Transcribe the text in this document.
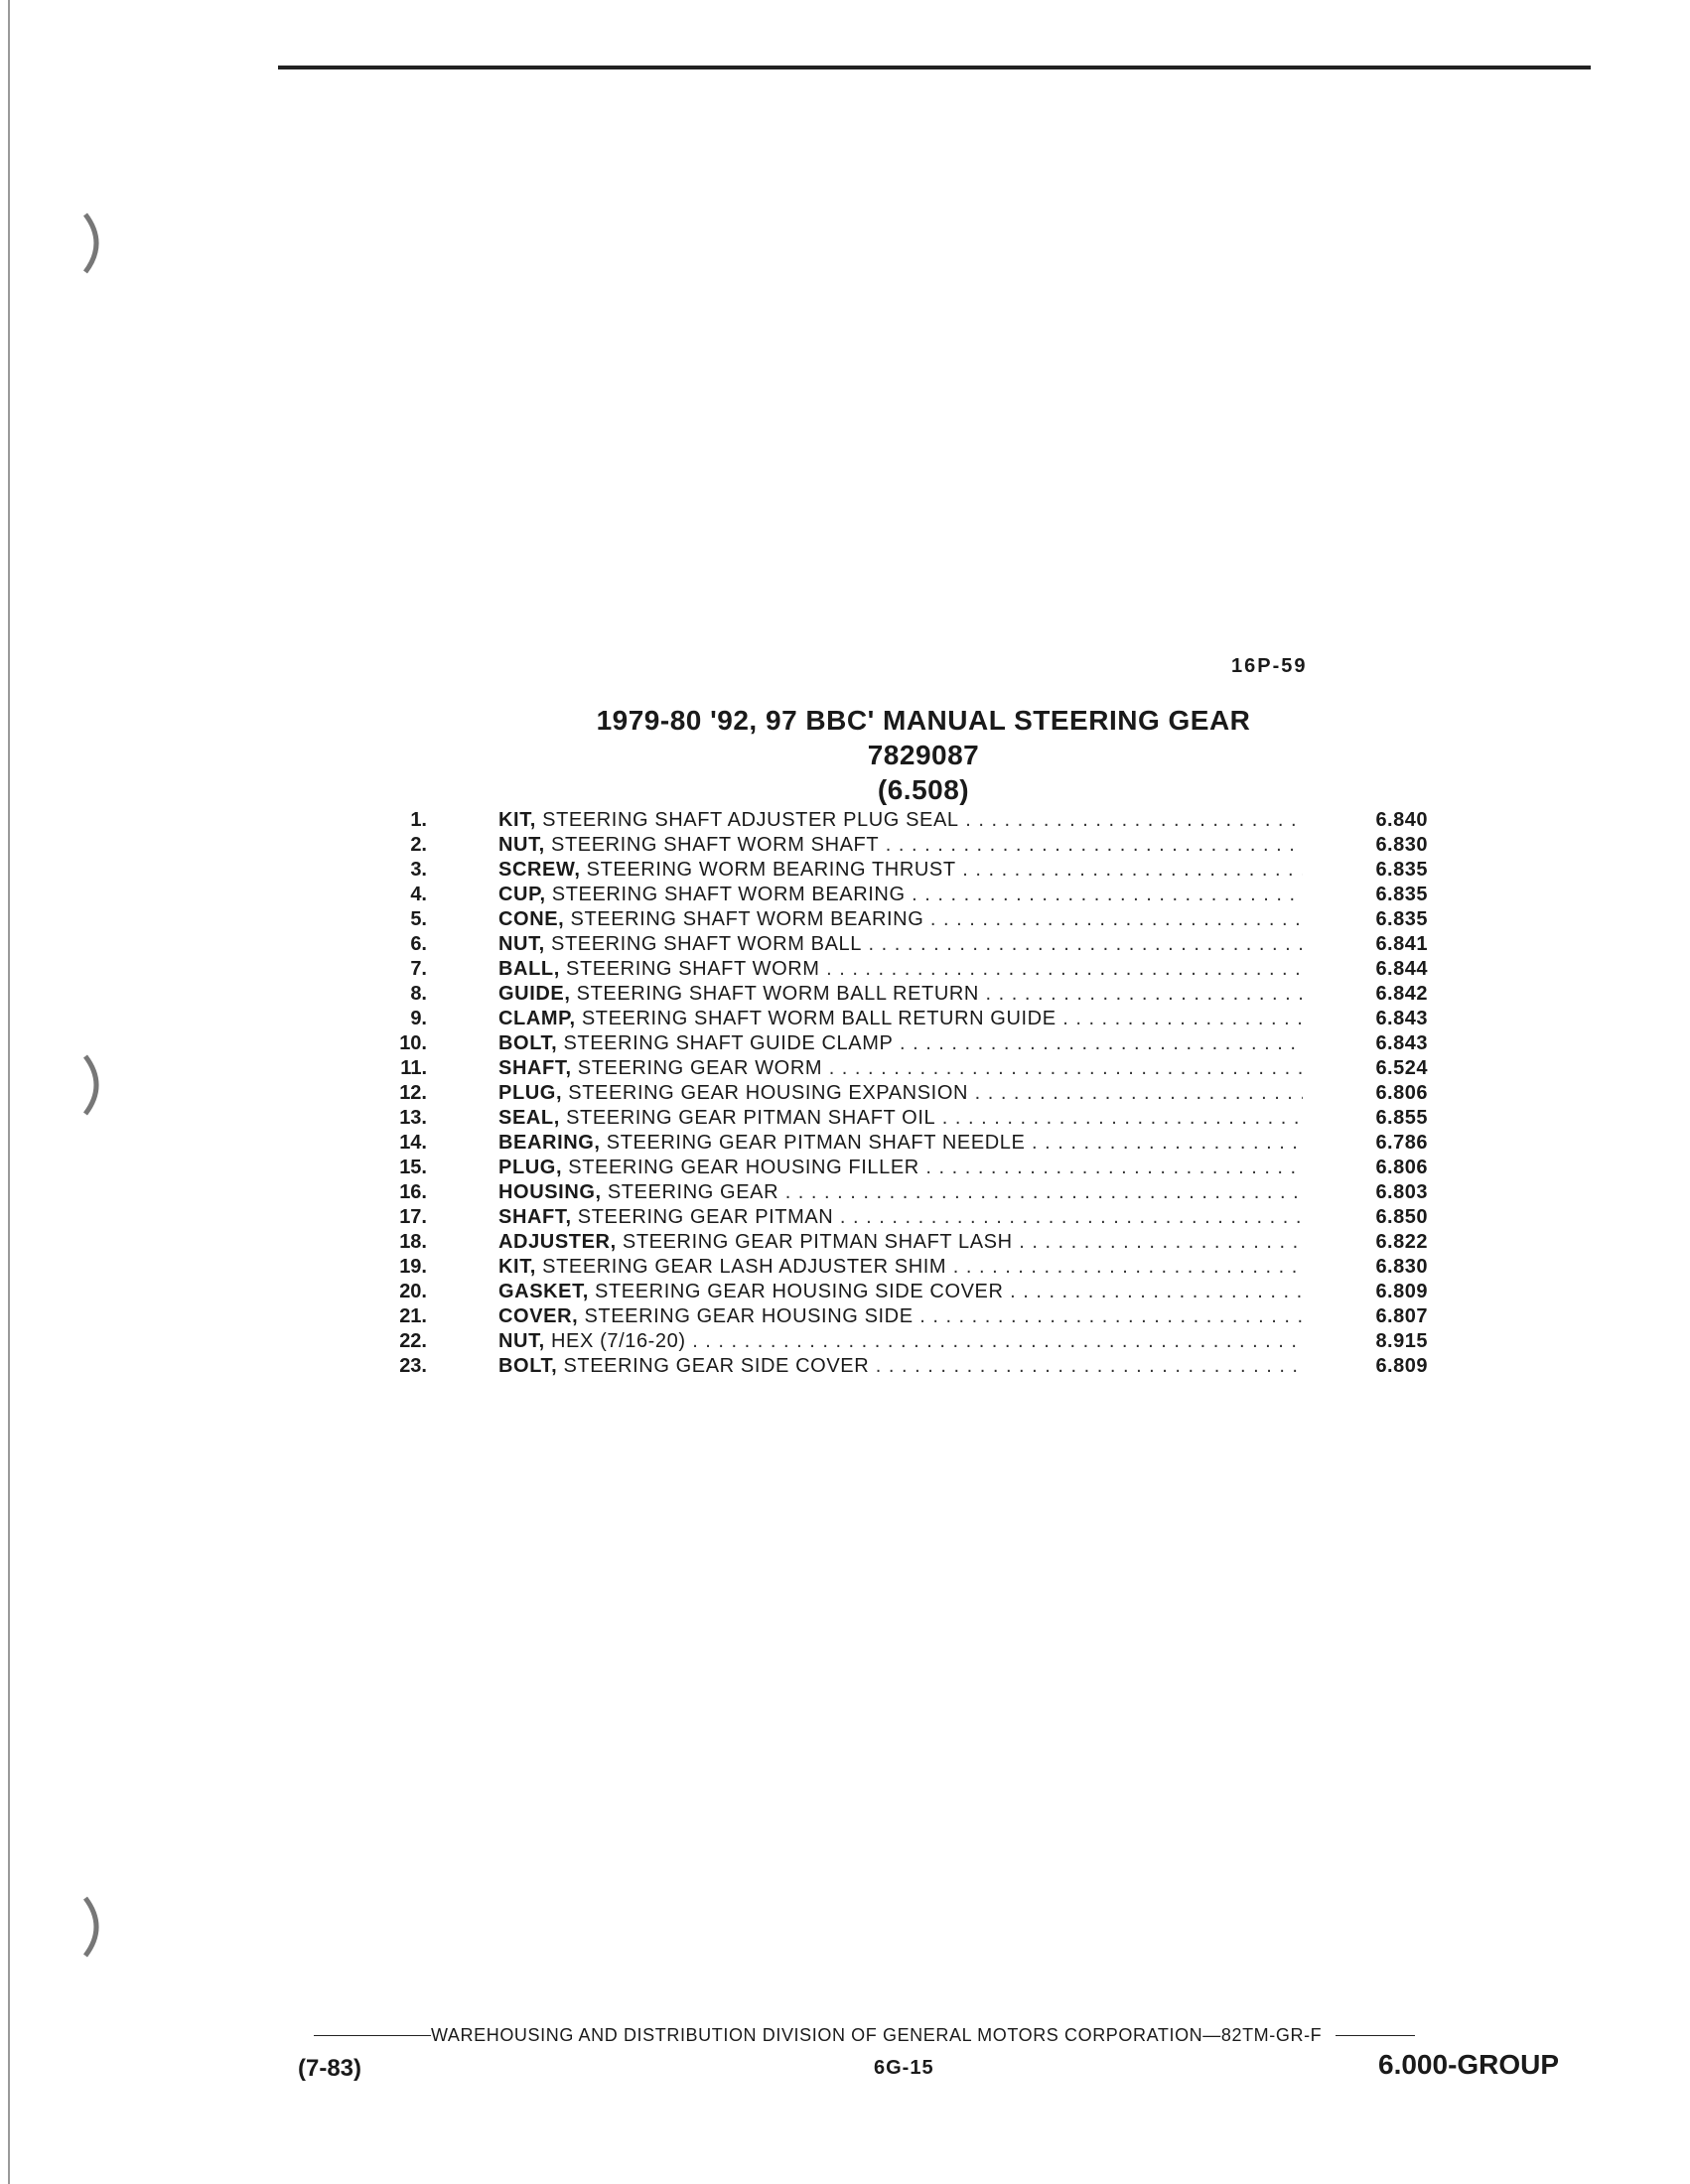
16P-59
1979-80 '92, 97 BBC' MANUAL STEERING GEAR
7829087
(6.508)
1.	KIT, STEERING SHAFT ADJUSTER PLUG SEAL . . .	6.840
2.	NUT, STEERING SHAFT WORM SHAFT . . .	6.830
3.	SCREW, STEERING WORM BEARING THRUST . . .	6.835
4.	CUP, STEERING SHAFT WORM BEARING . . .	6.835
5.	CONE, STEERING SHAFT WORM BEARING . . .	6.835
6.	NUT, STEERING SHAFT WORM BALL . . .	6.841
7.	BALL, STEERING SHAFT WORM . . .	6.844
8.	GUIDE, STEERING SHAFT WORM BALL RETURN . . .	6.842
9.	CLAMP, STEERING SHAFT WORM BALL RETURN GUIDE . . .	6.843
10.	BOLT, STEERING SHAFT GUIDE CLAMP . . .	6.843
11.	SHAFT, STEERING GEAR WORM . . .	6.524
12.	PLUG, STEERING GEAR HOUSING EXPANSION . . .	6.806
13.	SEAL, STEERING GEAR PITMAN SHAFT OIL . . .	6.855
14.	BEARING, STEERING GEAR PITMAN SHAFT NEEDLE . . .	6.786
15.	PLUG, STEERING GEAR HOUSING FILLER . . .	6.806
16.	HOUSING, STEERING GEAR . . .	6.803
17.	SHAFT, STEERING GEAR PITMAN . . .	6.850
18.	ADJUSTER, STEERING GEAR PITMAN SHAFT LASH . . .	6.822
19.	KIT, STEERING GEAR LASH ADJUSTER SHIM . . .	6.830
20.	GASKET, STEERING GEAR HOUSING SIDE COVER . . .	6.809
21.	COVER, STEERING GEAR HOUSING SIDE . . .	6.807
22.	NUT, HEX (7/16-20) . . .	8.915
23.	BOLT, STEERING GEAR SIDE COVER . . .	6.809
WAREHOUSING AND DISTRIBUTION DIVISION OF GENERAL MOTORS CORPORATION—82TM-GR-F
(7-83)	6G-15	6.000-GROUP
